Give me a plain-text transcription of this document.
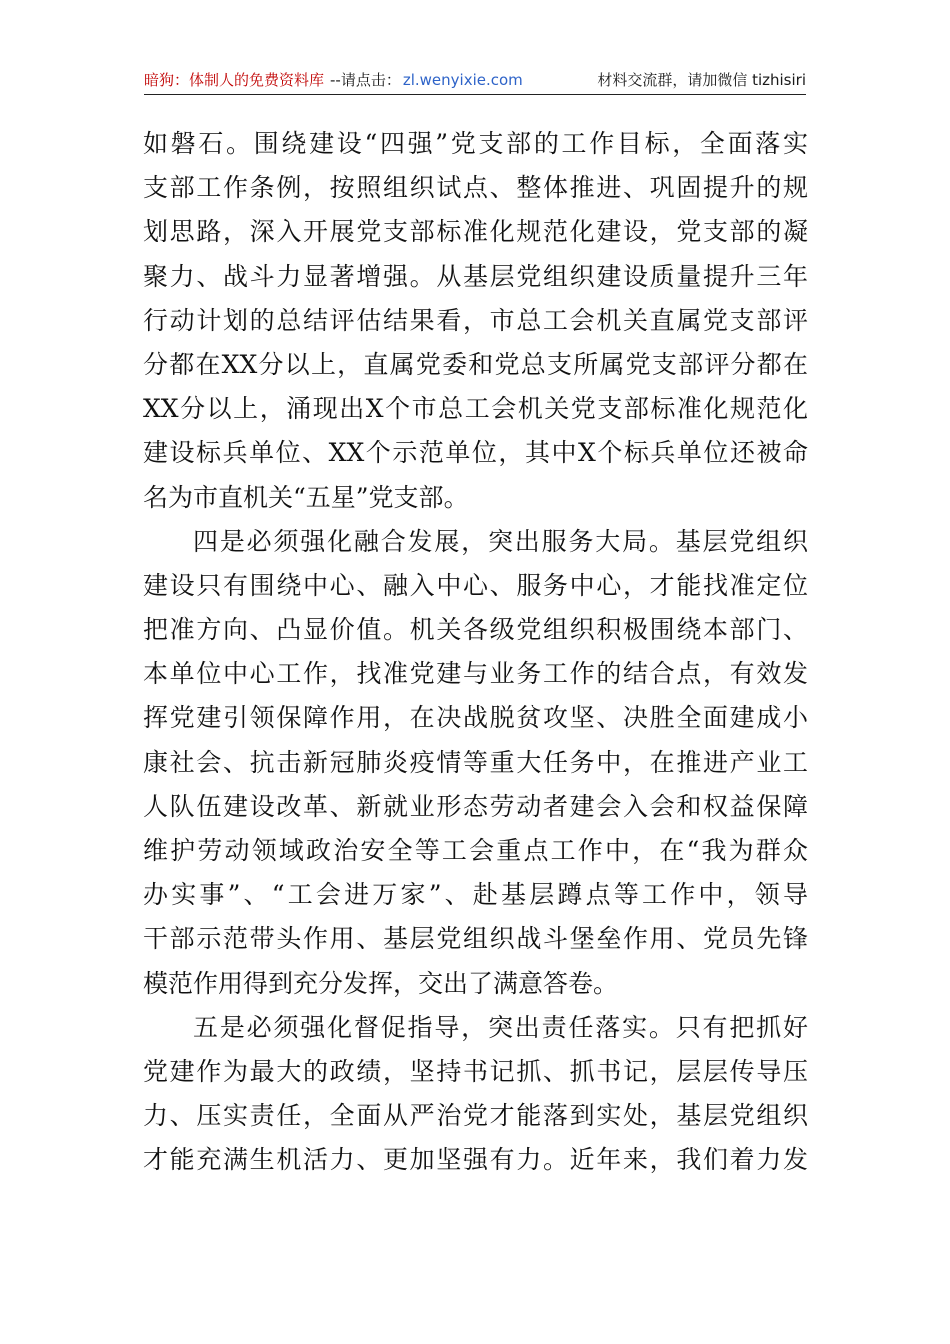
暗狗：体制人的免费资料库 --请点击： zl.wenyixie.com	材料交流群，请加微信 tizhisiri
如磐石。围绕建设“四强”党支部的工作目标，全面落实
支部工作条例，按照组织试点、整体推进、巩固提升的规
划思路，深入开展党支部标准化规范化建设，党支部的凝
聚力、战斗力显著增强。从基层党组织建设质量提升三年
行动计划的总结评估结果看，市总工会机关直属党支部评
分都在XX分以上，直属党委和党总支所属党支部评分都在
XX分以上，涌现出X个市总工会机关党支部标准化规范化
建设标兵单位、XX个示范单位，其中X个标兵单位还被命
名为市直机关“五星”党支部。
四是必须强化融合发展，突出服务大局。基层党组织
建设只有围绕中心、融入中心、服务中心，才能找准定位
把准方向、凸显价值。机关各级党组织积极围绕本部门、
本单位中心工作，找准党建与业务工作的结合点，有效发
挥党建引领保障作用，在决战脱贫攻坚、决胜全面建成小
康社会、抗击新冠肺炎疫情等重大任务中，在推进产业工
人队伍建设改革、新就业形态劳动者建会入会和权益保障
维护劳动领域政治安全等工会重点工作中，在“我为群众
办实事”、“工会进万家”、赴基层蹲点等工作中，领导
干部示范带头作用、基层党组织战斗堡垒作用、党员先锋
模范作用得到充分发挥，交出了满意答卷。
五是必须强化督促指导，突出责任落实。只有把抓好
党建作为最大的政绩，坚持书记抓、抓书记，层层传导压
力、压实责任，全面从严治党才能落到实处，基层党组织
才能充满生机活力、更加坚强有力。近年来，我们着力发
